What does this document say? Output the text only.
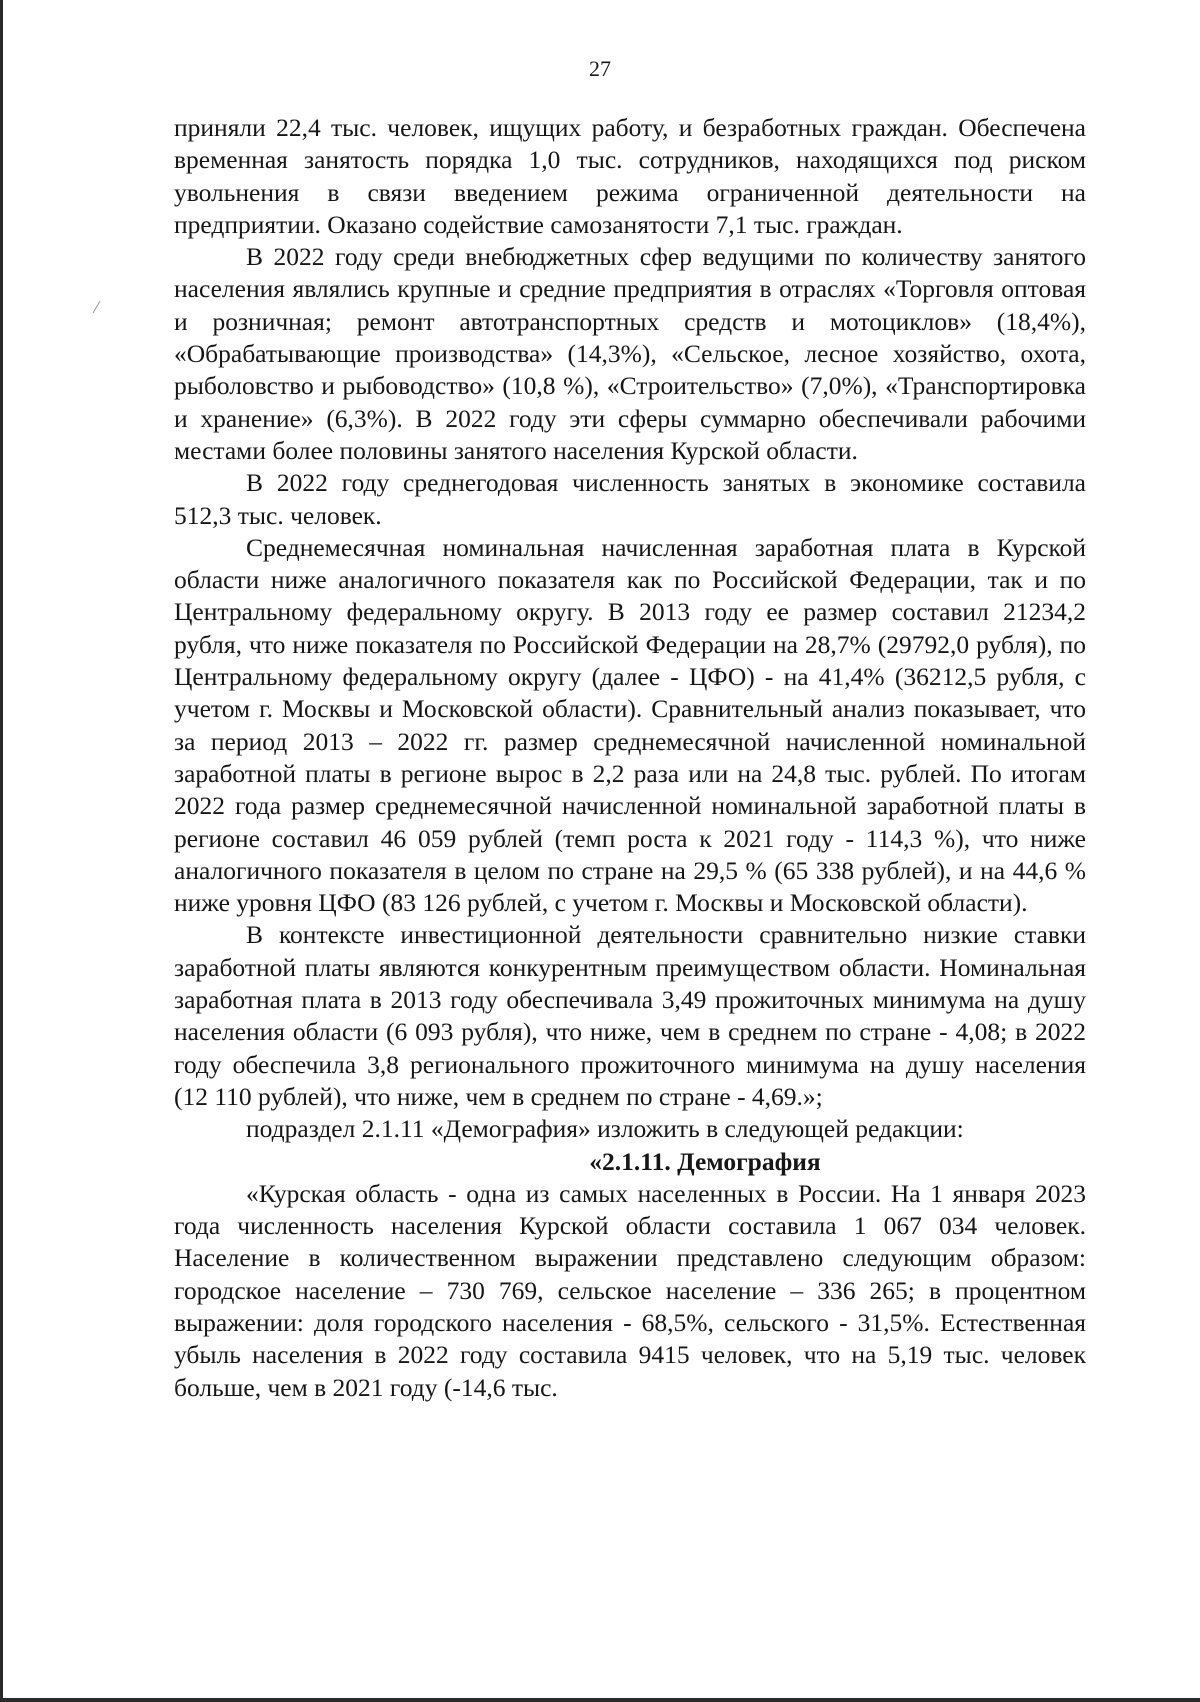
27

приняли 22,4 тыс. человек, ищущих работу, и безработных граждан. Обеспечена временная занятость порядка 1,0 тыс. сотрудников, находящихся под риском увольнения в связи введением режима ограниченной деятельности на предприятии. Оказано содействие самозанятости 7,1 тыс. граждан.

В 2022 году среди внебюджетных сфер ведущими по количеству занятого населения являлись крупные и средние предприятия в отраслях «Торговля оптовая и розничная; ремонт автотранспортных средств и мотоциклов» (18,4%), «Обрабатывающие производства» (14,3%), «Сельское, лесное хозяйство, охота, рыболовство и рыбоводство» (10,8 %), «Строительство» (7,0%), «Транспортировка и хранение» (6,3%). В 2022 году эти сферы суммарно обеспечивали рабочими местами более половины занятого населения Курской области.

В 2022 году среднегодовая численность занятых в экономике составила 512,3 тыс. человек.

Среднемесячная номинальная начисленная заработная плата в Курской области ниже аналогичного показателя как по Российской Федерации, так и по Центральному федеральному округу. В 2013 году ее размер составил 21234,2 рубля, что ниже показателя по Российской Федерации на 28,7% (29792,0 рубля), по Центральному федеральному округу (далее - ЦФО) - на 41,4% (36212,5 рубля, с учетом г. Москвы и Московской области). Сравнительный анализ показывает, что за период 2013 – 2022 гг. размер среднемесячной начисленной номинальной заработной платы в регионе вырос в 2,2 раза или на 24,8 тыс. рублей. По итогам 2022 года размер среднемесячной начисленной номинальной заработной платы в регионе составил 46 059 рублей (темп роста к 2021 году - 114,3 %), что ниже аналогичного показателя в целом по стране на 29,5 % (65 338 рублей), и на 44,6 % ниже уровня ЦФО (83 126 рублей, с учетом г. Москвы и Московской области).

В контексте инвестиционной деятельности сравнительно низкие ставки заработной платы являются конкурентным преимуществом области. Номинальная заработная плата в 2013 году обеспечивала 3,49 прожиточных минимума на душу населения области (6 093 рубля), что ниже, чем в среднем по стране - 4,08; в 2022 году обеспечила 3,8 регионального прожиточного минимума на душу населения (12 110 рублей), что ниже, чем в среднем по стране - 4,69.»;

подраздел 2.1.11 «Демография» изложить в следующей редакции:

«2.1.11. Демография

«Курская область - одна из самых населенных в России. На 1 января 2023 года численность населения Курской области составила 1 067 034 человек. Население в количественном выражении представлено следующим образом: городское население – 730 769, сельское население – 336 265; в процентном выражении: доля городского населения - 68,5%, сельского - 31,5%. Естественная убыль населения в 2022 году составила 9415 человек, что на 5,19 тыс. человек больше, чем в 2021 году (-14,6 тыс.
